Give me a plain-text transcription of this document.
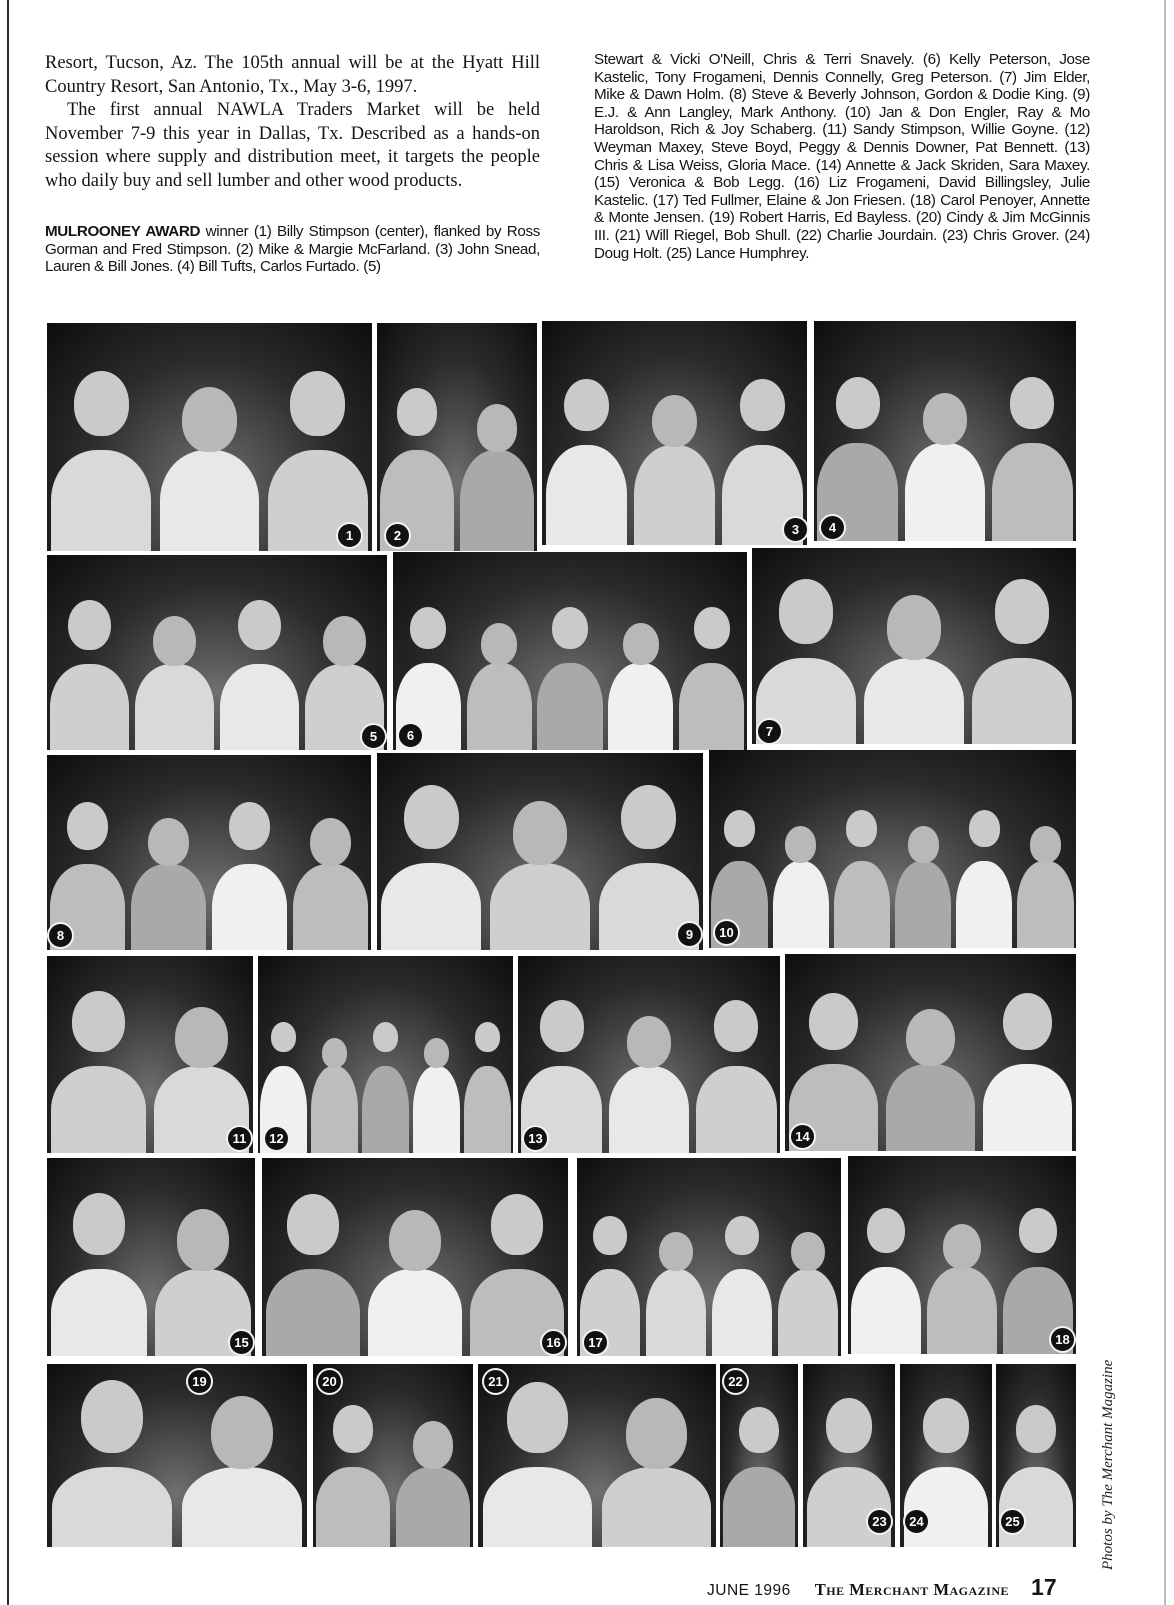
Resort, Tucson, Az. The 105th annual will be at the Hyatt Hill Country Resort, San Antonio, Tx., May 3-6, 1997.

The first annual NAWLA Traders Market will be held November 7-9 this year in Dallas, Tx. Described as a hands-on session where supply and distribution meet, it targets the people who daily buy and sell lumber and other wood products.

MULROONEY AWARD winner (1) Billy Stimpson (center), flanked by Ross Gorman and Fred Stimpson. (2) Mike & Margie McFarland. (3) John Snead, Lauren & Bill Jones. (4) Bill Tufts, Carlos Furtado. (5)

Stewart & Vicki O'Neill, Chris & Terri Snavely. (6) Kelly Peterson, Jose Kastelic, Tony Frogameni, Dennis Connelly, Greg Peterson. (7) Jim Elder, Mike & Dawn Holm. (8) Steve & Beverly Johnson, Gordon & Dodie King. (9) E.J. & Ann Langley, Mark Anthony. (10) Jan & Don Engler, Ray & Mo Haroldson, Rich & Joy Schaberg. (11) Sandy Stimpson, Willie Goyne. (12) Weyman Maxey, Steve Boyd, Peggy & Dennis Downer, Pat Bennett. (13) Chris & Lisa Weiss, Gloria Mace. (14) Annette & Jack Skriden, Sara Maxey. (15) Veronica & Bob Legg. (16) Liz Frogameni, David Billingsley, Julie Kastelic. (17) Ted Fullmer, Elaine & Jon Friesen. (18) Carol Penoyer, Annette & Monte Jensen. (19) Robert Harris, Ed Bayless. (20) Cindy & Jim McGinnis III. (21) Will Riegel, Bob Shull. (22) Charlie Jourdain. (23) Chris Grover. (24) Doug Holt. (25) Lance Humphrey.

1	2	3	4
5	6	7
8	9	10
11	12	13	14
15	16	17	18
19	20	21	22
23	24	25	Photos by The Merchant Magazine
JUNE 1996 The Merchant Magazine 17
